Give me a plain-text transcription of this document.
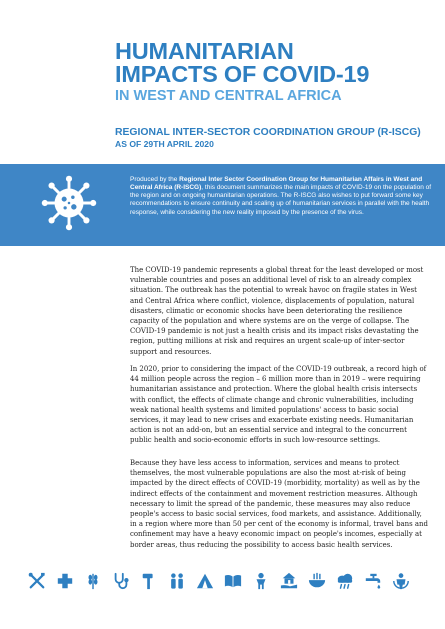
HUMANITARIAN
IMPACTS OF COVID-19
IN WEST AND CENTRAL AFRICA
REGIONAL INTER-SECTOR COORDINATION GROUP (R-ISCG)
AS OF 29TH APRIL 2020
Produced by the Regional Inter Sector Coordination Group for Humanitarian Affairs in West and Central Africa (R-ISCG), this document summarizes the main impacts of COVID-19 on the population of the region and on ongoing humanitarian operations. The R-ISCG also wishes to put forward some key recommendations to ensure continuity and scaling up of humanitarian services in parallel with the health response, while considering the new reality imposed by the presence of the virus.

The COVID-19 pandemic represents a global threat for the least developed or most vulnerable countries and poses an additional level of risk to an already complex situation. The outbreak has the potential to wreak havoc on fragile states in West and Central Africa where conflict, violence, displacements of population, natural disasters, climatic or economic shocks have been deteriorating the resilience capacity of the population and where systems are on the verge of collapse. The COVID-19 pandemic is not just a health crisis and its impact risks devastating the region, putting millions at risk and requires an urgent scale-up of inter-sector support and resources.

In 2020, prior to considering the impact of the COVID-19 outbreak, a record high of 44 million people across the region – 6 million more than in 2019 – were requiring humanitarian assistance and protection. Where the global health crisis intersects with conflict, the effects of climate change and chronic vulnerabilities, including weak national health systems and limited populations' access to basic social services, it may lead to new crises and exacerbate existing needs. Humanitarian action is not an add-on, but an essential service and integral to the concurrent public health and socio-economic efforts in such low-resource settings.

Because they have less access to information, services and means to protect themselves, the most vulnerable populations are also the most at-risk of being impacted by the direct effects of COVID-19 (morbidity, mortality) as well as by the indirect effects of the containment and movement restriction measures. Although necessary to limit the spread of the pandemic, these measures may also reduce people's access to basic social services, food markets, and assistance. Additionally, in a region where more than 50 per cent of the economy is informal, travel bans and confinement may have a heavy economic impact on people's incomes, especially at border areas, thus reducing the possibility to access basic health services.
